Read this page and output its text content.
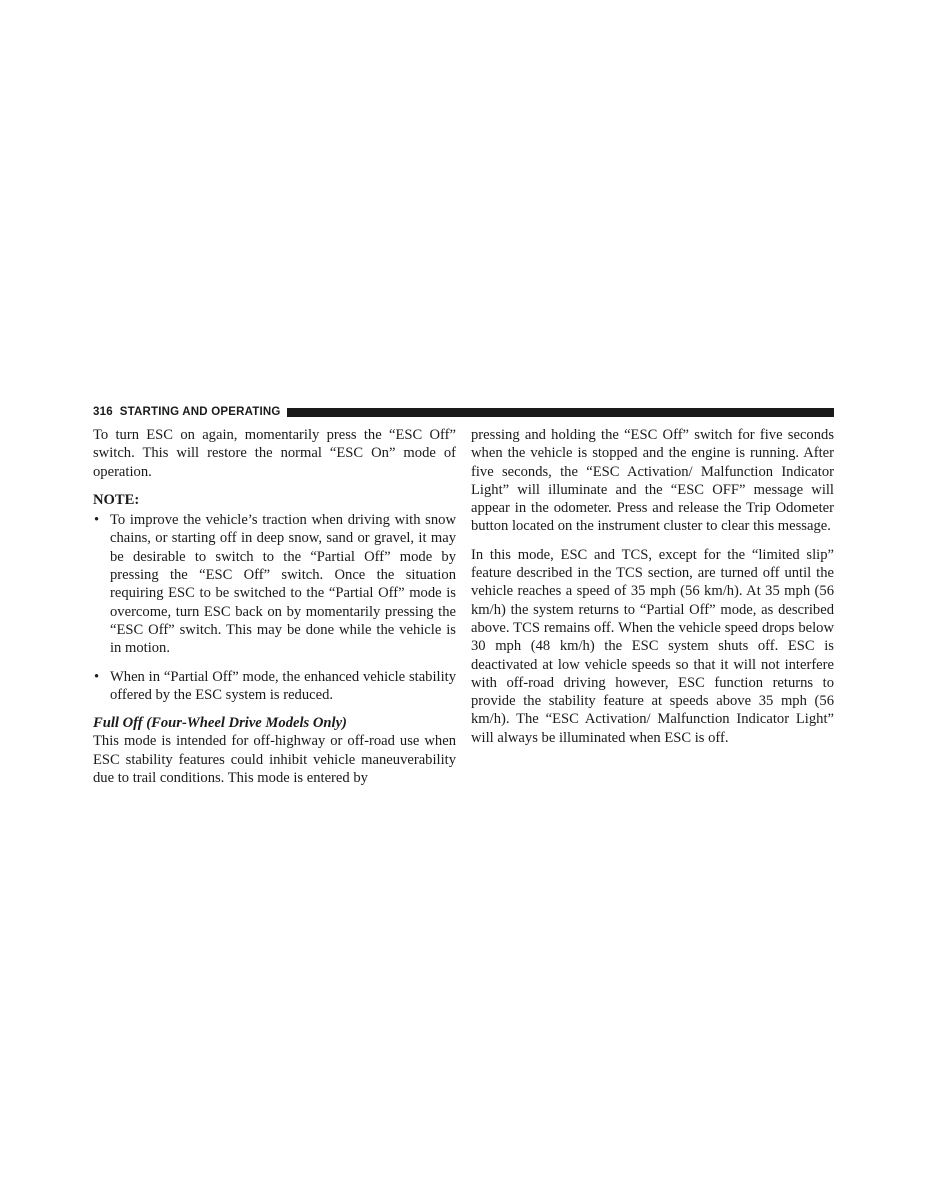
316 STARTING AND OPERATING

To turn ESC on again, momentarily press the “ESC Off” switch. This will restore the normal “ESC On” mode of operation.

NOTE:

• To improve the vehicle’s traction when driving with snow chains, or starting off in deep snow, sand or gravel, it may be desirable to switch to the “Partial Off” mode by pressing the “ESC Off” switch. Once the situation requiring ESC to be switched to the “Partial Off” mode is overcome, turn ESC back on by momentarily pressing the “ESC Off” switch. This may be done while the vehicle is in motion.
• When in “Partial Off” mode, the enhanced vehicle stability offered by the ESC system is reduced.

Full Off (Four-Wheel Drive Models Only)

This mode is intended for off-highway or off-road use when ESC stability features could inhibit vehicle maneuverability due to trail conditions. This mode is entered by

pressing and holding the “ESC Off” switch for five seconds when the vehicle is stopped and the engine is running. After five seconds, the “ESC Activation/ Malfunction Indicator Light” will illuminate and the “ESC OFF” message will appear in the odometer. Press and release the Trip Odometer button located on the instrument cluster to clear this message.

In this mode, ESC and TCS, except for the “limited slip” feature described in the TCS section, are turned off until the vehicle reaches a speed of 35 mph (56 km/h). At 35 mph (56 km/h) the system returns to “Partial Off” mode, as described above. TCS remains off. When the vehicle speed drops below 30 mph (48 km/h) the ESC system shuts off. ESC is deactivated at low vehicle speeds so that it will not interfere with off-road driving however, ESC function returns to provide the stability feature at speeds above 35 mph (56 km/h). The “ESC Activation/ Malfunction Indicator Light” will always be illuminated when ESC is off.
